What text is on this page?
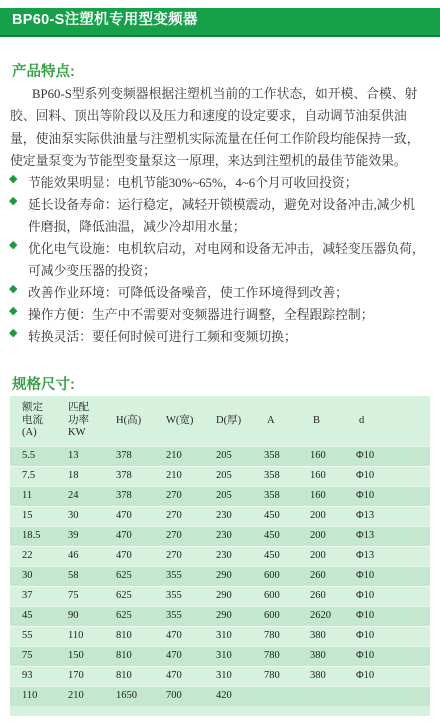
BP60-S注塑机专用型变频器
产品特点:

BP60-S型系列变频器根据注塑机当前的工作状态，如开模、合模、射
胶、回料、顶出等阶段以及压力和速度的设定要求，自动调节油泵供油
量，使油泵实际供油量与注塑机实际流量在任何工作阶段均能保持一致，
使定量泵变为节能型变量泵这一原理，来达到注塑机的最佳节能效果。

◆ 节能效果明显：电机节能30%~65%，4~6个月可收回投资；
◆ 延长设备寿命：运行稳定，减轻开锁模震动，避免对设备冲击,减少机
件磨损，降低油温，减少冷却用水量；
◆ 优化电气设施：电机软启动，对电网和设备无冲击，减轻变压器负荷，
可减少变压器的投资；
◆ 改善作业环境：可降低设备噪音，使工作环境得到改善；
◆ 操作方便：生产中不需要对变频器进行调整，全程跟踪控制；
◆ 转换灵活：要任何时候可进行工频和变频切换；
规格尺寸:
额定
电流
(A)	匹配
功率
KW	H(高)	W(宽)	D(厚)	A	B	d
5.5	13	378	210	205	358	160	Φ10
7.5	18	378	210	205	358	160	Φ10
11	24	378	270	205	358	160	Φ10
15	30	470	270	230	450	200	Φ13
18.5	39	470	270	230	450	200	Φ13
22	46	470	270	230	450	200	Φ13
30	58	625	355	290	600	260	Φ10
37	75	625	355	290	600	260	Φ10
45	90	625	355	290	600	2620	Φ10
55	110	810	470	310	780	380	Φ10
75	150	810	470	310	780	380	Φ10
93	170	810	470	310	780	380	Φ10
110	210	1650	700	420			
